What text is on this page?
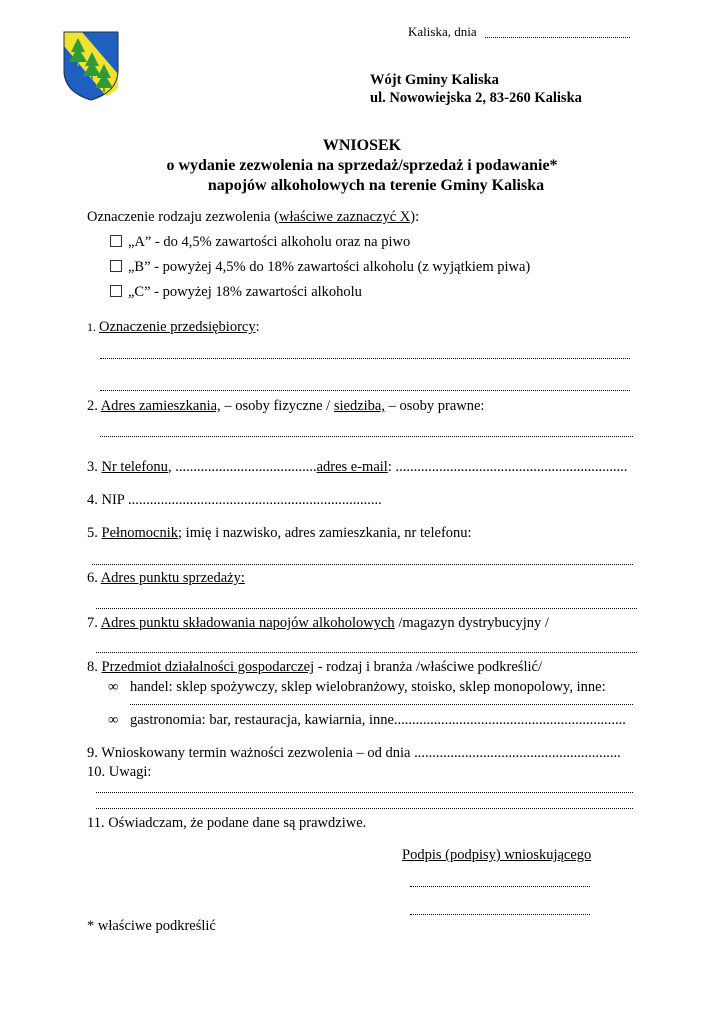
Kaliska, dnia
Wójt Gminy Kaliska
ul. Nowowiejska 2, 83-260 Kaliska
WNIOSEK
o wydanie zezwolenia na sprzedaż/sprzedaż i podawanie*
napojów alkoholowych na terenie Gminy Kaliska
Oznaczenie rodzaju zezwolenia (właściwe zaznaczyć X):
„A” - do 4,5% zawartości alkoholu oraz na piwo
„B” - powyżej 4,5% do 18% zawartości alkoholu (z wyjątkiem piwa)
„C” - powyżej 18% zawartości alkoholu
1. Oznaczenie przedsiębiorcy:
2. Adres zamieszkania, – osoby fizyczne / siedziba, – osoby prawne:
3. Nr telefonu, .......................................adres e-mail: ................................................................
4. NIP ......................................................................
5. Pełnomocnik; imię i nazwisko, adres zamieszkania, nr telefonu:
6. Adres punktu sprzedaży:
7. Adres punktu składowania napojów alkoholowych /magazyn dystrybucyjny /
8. Przedmiot działalności gospodarczej - rodzaj i branża /właściwe podkreślić/
∞ handel: sklep spożywczy, sklep wielobranżowy, stoisko, sklep monopolowy, inne:
∞ gastronomia: bar, restauracja, kawiarnia, inne................................................................
9. Wnioskowany termin ważności zezwolenia – od dnia .........................................................
10. Uwagi:
11. Oświadczam, że podane dane są prawdziwe.
Podpis (podpisy) wnioskującego
* właściwe podkreślić
